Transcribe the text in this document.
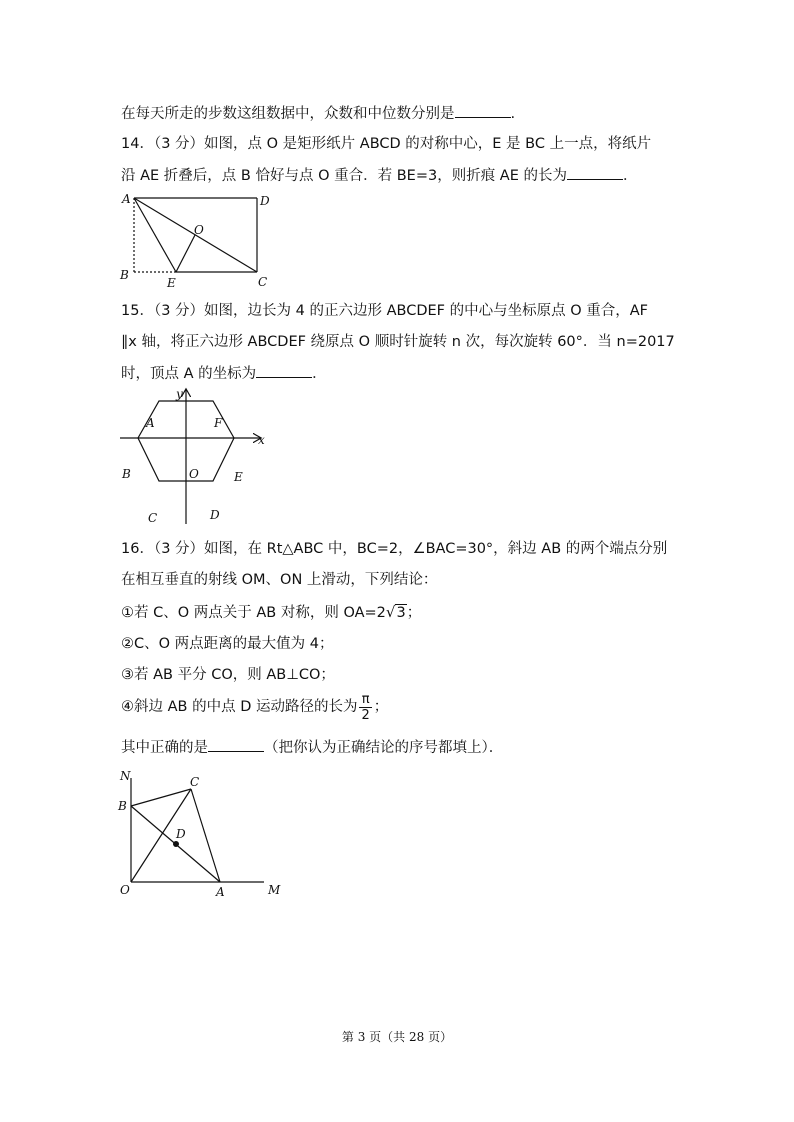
在每天所走的步数这组数据中，众数和中位数分别是	.
14．（3 分）如图，点 O 是矩形纸片 ABCD 的对称中心，E 是 BC 上一点，将纸片
沿 AE 折叠后，点 B 恰好与点 O 重合．若 BE=3，则折痕 AE 的长为	．
A	D
O
B
E	C
15．（3 分）如图，边长为 4 的正六边形 ABCDEF 的中心与坐标原点 O 重合，AF
∥x 轴，将正六边形 ABCDEF 绕原点 O 顺时针旋转 n 次，每次旋转 60°．当 n=2017
时，顶点 A 的坐标为	．
y
x
A	F
B	O	E
C	D
16．（3 分）如图，在 Rt△ABC 中，BC=2，∠BAC=30°，斜边 AB 的两个端点分别
在相互垂直的射线 OM、ON 上滑动，下列结论：
①若 C、O 两点关于 AB 对称，则 OA=2√3；
②C、O 两点距离的最大值为 4；
③若 AB 平分 CO，则 AB⊥CO；
④斜边 AB 的中点 D 运动路径的长为 $\frac{\pi}{2}$ ；
其中正确的是	（把你认为正确结论的序号都填上）．
N	C
B
D
O	A	M
第 3 页（共 28 页）
